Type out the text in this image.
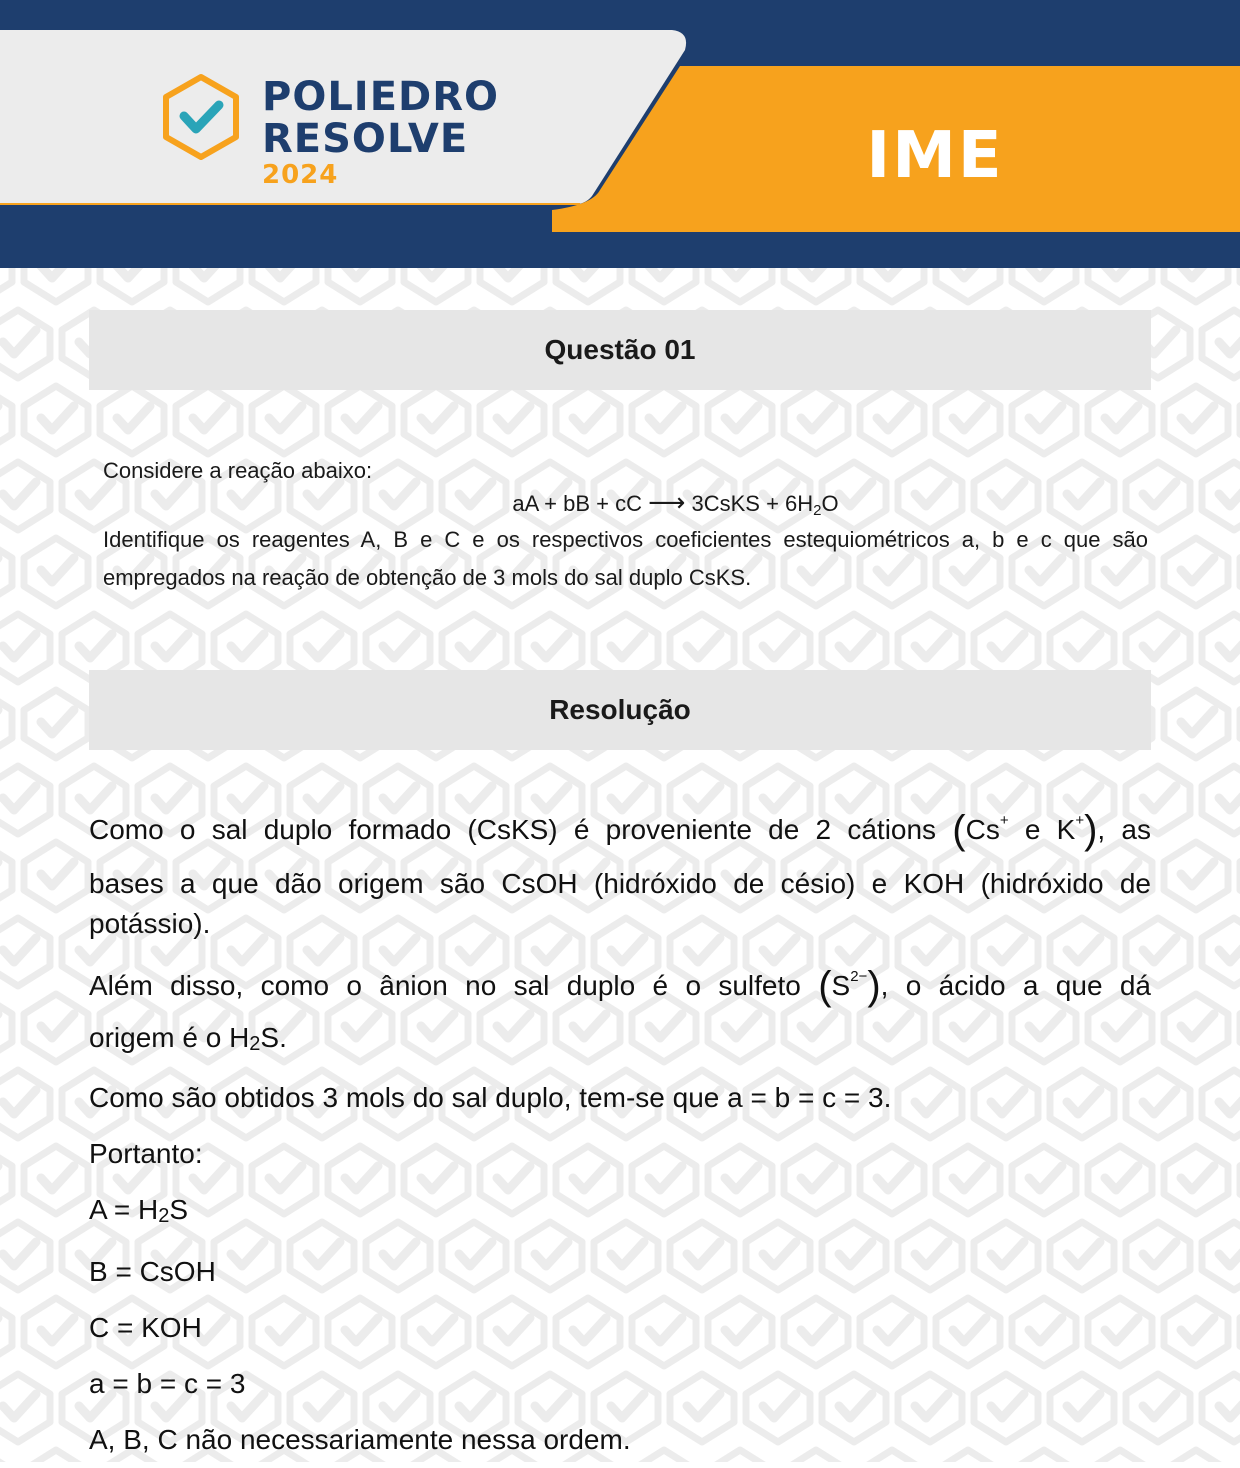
POLIEDRO
RESOLVE
2024	IME
Questão 01

Considere a reação abaixo:

aA + bB + cC ⟶ 3CsKS + $6H_2O$

Identifique os reagentes A, B e C e os respectivos coeficientes estequiométricos a, b e c que são

empregados na reação de obtenção de 3 mols do sal duplo CsKS.

Resolução

Como o sal duplo formado (CsKS) é proveniente de 2 cátions (Cs+ e K+), as

bases a que dão origem são CsOH (hidróxido de césio) e KOH (hidróxido de

potássio).

Além disso, como o ânion no sal duplo é o sulfeto $(S^{2-})$, o ácido a que dá

origem é o H2S.

Como são obtidos 3 mols do sal duplo, tem-se que a = b = c = 3.

Portanto:

A = H2S

B = CsOH

C = KOH

a = b = c = 3

A, B, C não necessariamente nessa ordem.
